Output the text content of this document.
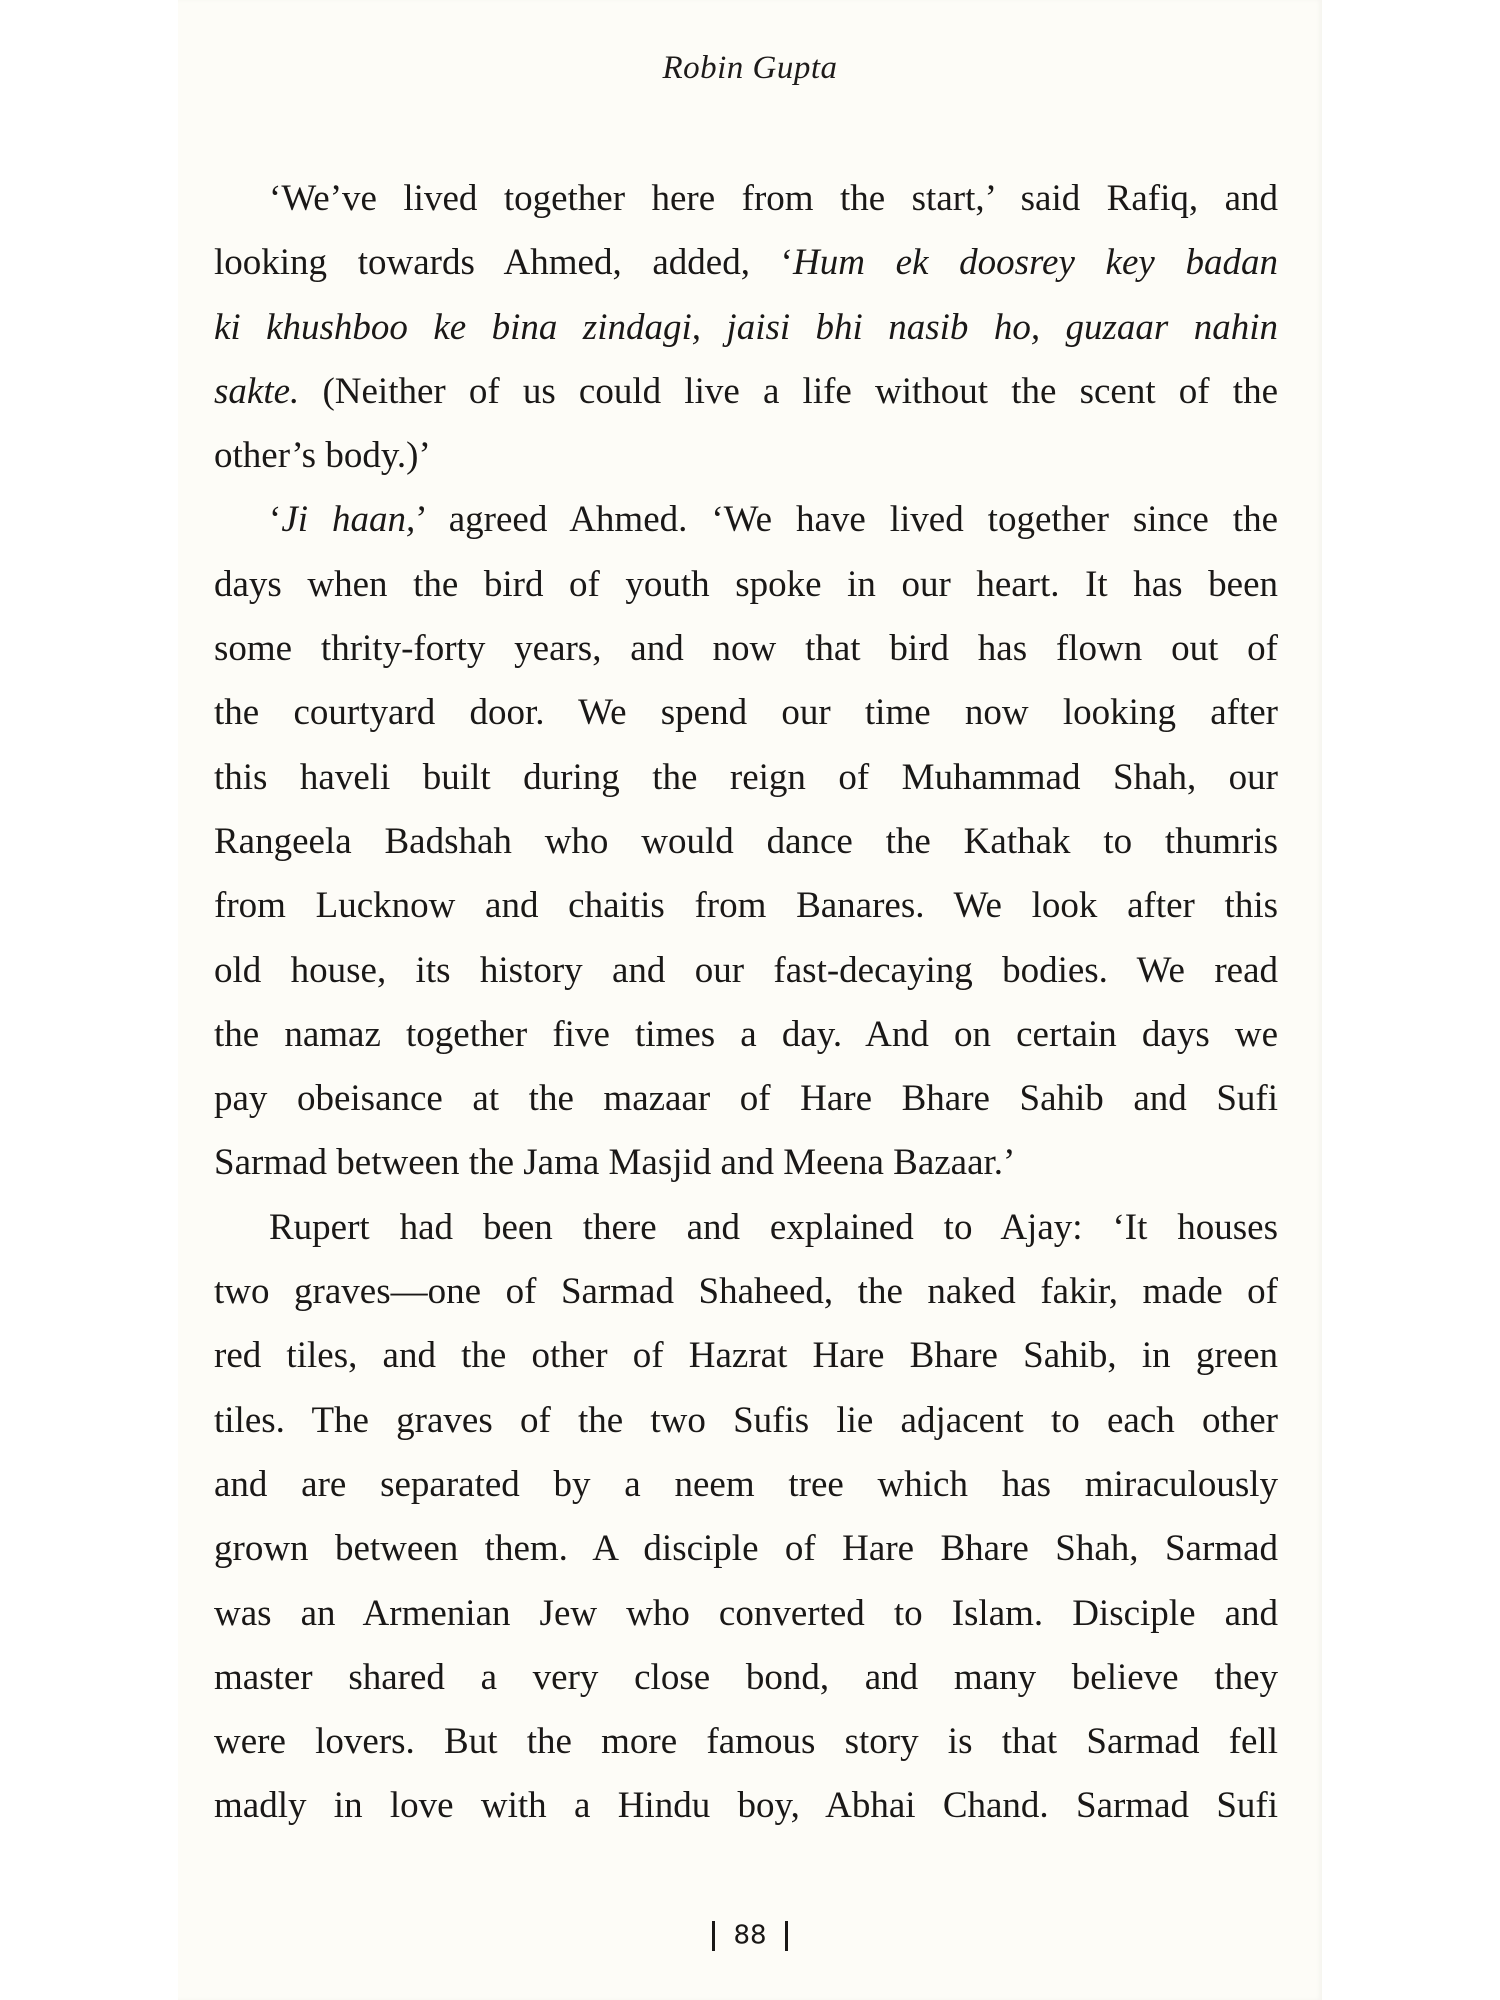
Robin Gupta
‘We’ve lived together here from the start,’ said Rafiq, and
looking towards Ahmed, added, ‘Hum ek doosrey key badan
ki khushboo ke bina zindagi, jaisi bhi nasib ho, guzaar nahin
sakte. (Neither of us could live a life without the scent of the
other’s body.)’
‘Ji haan,’ agreed Ahmed. ‘We have lived together since the
days when the bird of youth spoke in our heart. It has been
some thrity-forty years, and now that bird has flown out of
the courtyard door. We spend our time now looking after
this haveli built during the reign of Muhammad Shah, our
Rangeela Badshah who would dance the Kathak to thumris
from Lucknow and chaitis from Banares. We look after this
old house, its history and our fast-decaying bodies. We read
the namaz together five times a day. And on certain days we
pay obeisance at the mazaar of Hare Bhare Sahib and Sufi
Sarmad between the Jama Masjid and Meena Bazaar.’
Rupert had been there and explained to Ajay: ‘It houses
two graves—one of Sarmad Shaheed, the naked fakir, made of
red tiles, and the other of Hazrat Hare Bhare Sahib, in green
tiles. The graves of the two Sufis lie adjacent to each other
and are separated by a neem tree which has miraculously
grown between them. A disciple of Hare Bhare Shah, Sarmad
was an Armenian Jew who converted to Islam. Disciple and
master shared a very close bond, and many believe they
were lovers. But the more famous story is that Sarmad fell
madly in love with a Hindu boy, Abhai Chand. Sarmad Sufi
88
